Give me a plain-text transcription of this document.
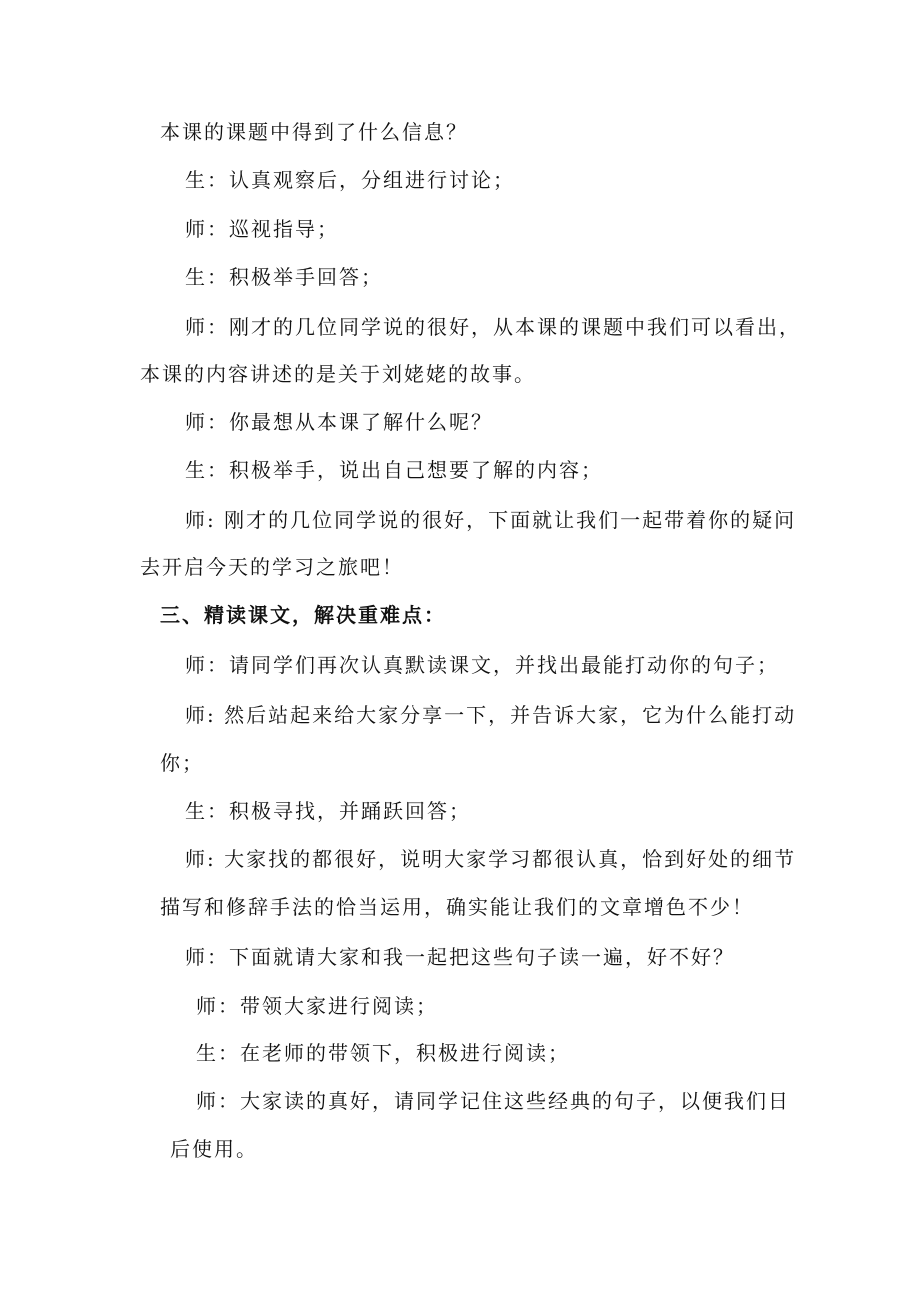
本课的课题中得到了什么信息？

生：认真观察后，分组进行讨论；

师：巡视指导；

生：积极举手回答；

师：刚才的几位同学说的很好，从本课的课题中我们可以看出，

本课的内容讲述的是关于刘姥姥的故事。

师：你最想从本课了解什么呢？

生：积极举手，说出自己想要了解的内容；

师: 刚才的几位同学说的很好，下面就让我们一起带着你的疑问

去开启今天的学习之旅吧！

三、精读课文，解决重难点：

师：请同学们再次认真默读课文，并找出最能打动你的句子；

师: 然后站起来给大家分享一下，并告诉大家，它为什么能打动

你；

生：积极寻找，并踊跃回答；

师: 大家找的都很好，说明大家学习都很认真，恰到好处的细节

描写和修辞手法的恰当运用，确实能让我们的文章增色不少！

师：下面就请大家和我一起把这些句子读一遍，好不好？

师：带领大家进行阅读；

生：在老师的带领下，积极进行阅读；

师：大家读的真好，请同学记住这些经典的句子，以便我们日

后使用。
